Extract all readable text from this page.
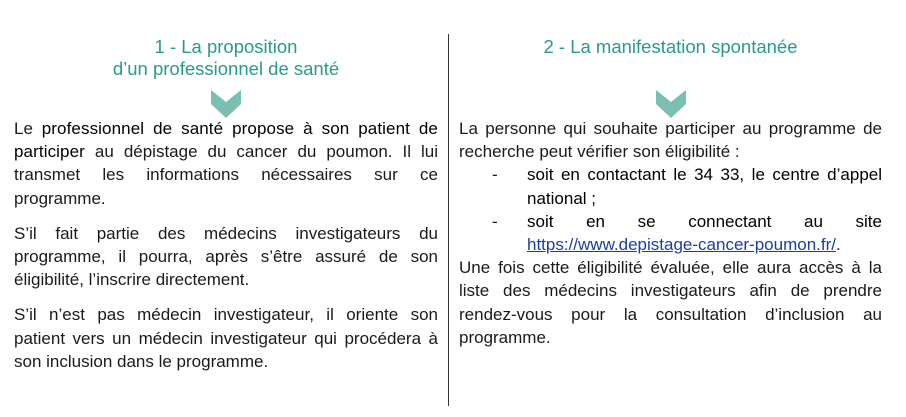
1 - La proposition
d’un professionnel de santé

Le professionnel de santé propose à son patient de participer au dépistage du cancer du poumon. Il lui transmet les informations nécessaires sur ce programme.

S’il fait partie des médecins investigateurs du programme, il pourra, après s’être assuré de son éligibilité, l’inscrire directement.

S’il n’est pas médecin investigateur, il oriente son patient vers un médecin investigateur qui procédera à son inclusion dans le programme.

2 - La manifestation spontanée

La personne qui souhaite participer au programme de recherche peut vérifier son éligibilité :

- soit en contactant le 34 33, le centre d’appel national ;
- soit en se connectant au site https://www.depistage-cancer-poumon.fr/.

Une fois cette éligibilité évaluée, elle aura accès à la liste des médecins investigateurs afin de prendre rendez-vous pour la consultation d’inclusion au programme.
